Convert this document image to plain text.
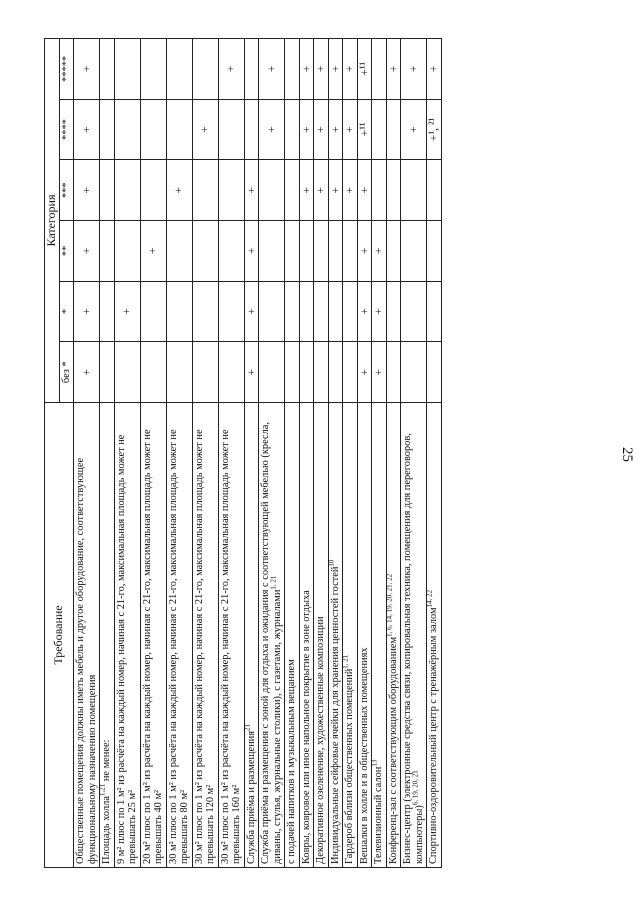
25
Требование	Категория					
	без *	*	**	***	****	*****
Общественные помещения должны иметь мебель и другое оборудование, соответствующее функциональному назначению помещения	+	+	+	+	+	+
Площадь холла$^{1,21}$ не менее:						
9 м² плюс по 1 м² из расчёта на каждый номер, начиная с 21-го, максимальная площадь может не превышать 25 м²		+				
20 м² плюс по 1 м² из расчёта на каждый номер, начиная с 21-го, максимальная площадь может не превышать 40 м²			+			
30 м² плюс по 1 м² из расчёта на каждый номер, начиная с 21-го, максимальная площадь может не превышать 80 м²				+		
30 м² плюс по 1 м² из расчёта на каждый номер, начиная с 21-го, максимальная площадь может не превышать 120 м²					+	
30 м² плюс по 1 м² из расчёта на каждый номер, начиная с 21-го, максимальная площадь может не превышать 160 м²						+
Служба приёма и размещения$^{21}$	+	+	+	+		
Служба приёма и размещения с зоной для отдыха и ожидания с соответствующей мебелью (кресла, диваны, стулья, журнальные столики), с газетами, журналами$^{1, 21}$					+	+
с подачей напитков и музыкальным вещанием						
Ковры, ковровое или иное напольное покрытие в зоне отдыха				+	+	+
Декоративное озеленение, художественные композиции				+	+	+
Индивидуальные сейфовые ячейки для хранения ценностей гостей$^{10}$				+	+	+
Гардероб вблизи общественных помещений$^{1, 21}$				+	+	+
Вешалки в холле и в общественных помещениях	+	+	+	+	+¹¹	+¹¹
Телевизионный салон$^{13}$	+	+	+			
Конференц-зал с соответствующим оборудованием$^{1, 6, 14, 19, 20, 21, 22}$						+
Бизнес-центр (электронные средства связи, копировальная техника, помещения для переговоров, компьютеры)$^{6, 19, 20, 21}$					+	+
Спортивно-оздоровительный центр с тренажёрным залом$^{14, 22}$					+¹, ²¹	+
